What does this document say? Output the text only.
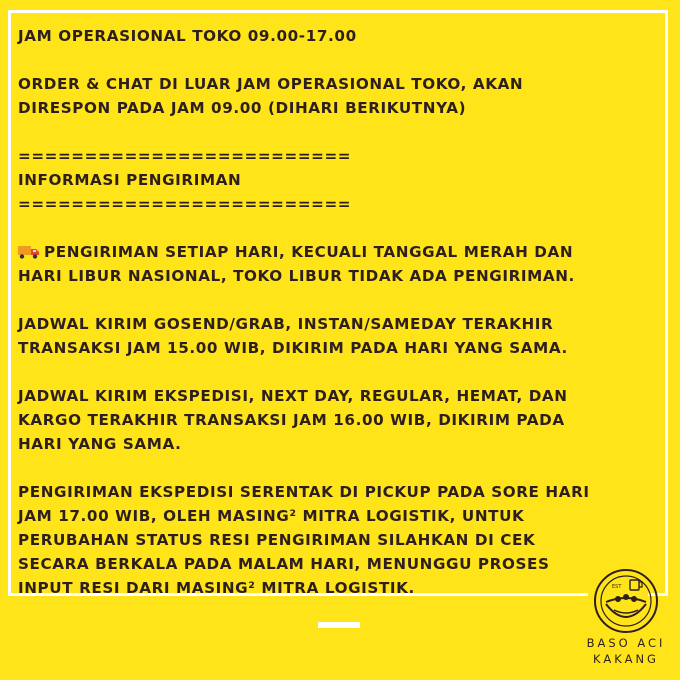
JAM OPERASIONAL TOKO 09.00-17.00

ORDER & CHAT DI LUAR JAM OPERASIONAL TOKO, AKAN

DIRESPON PADA JAM 09.00 (DIHARI BERIKUTNYA)

=========================

INFORMASI PENGIRIMAN

=========================

PENGIRIMAN SETIAP HARI, KECUALI TANGGAL MERAH DAN

HARI LIBUR NASIONAL, TOKO LIBUR TIDAK ADA PENGIRIMAN.

JADWAL KIRIM GOSEND/GRAB, INSTAN/SAMEDAY TERAKHIR

TRANSAKSI JAM 15.00 WIB, DIKIRIM PADA HARI YANG SAMA.

JADWAL KIRIM EKSPEDISI, NEXT DAY, REGULAR, HEMAT, DAN

KARGO TERAKHIR TRANSAKSI JAM 16.00 WIB, DIKIRIM PADA

HARI YANG SAMA.

PENGIRIMAN EKSPEDISI SERENTAK DI PICKUP PADA SORE HARI

JAM 17.00 WIB, OLEH MASING² MITRA LOGISTIK, UNTUK

PERUBAHAN STATUS RESI PENGIRIMAN SILAHKAN DI CEK

SECARA BERKALA PADA MALAM HARI, MENUNGGU PROSES

INPUT RESI DARI MASING² MITRA LOGISTIK.	EST
BASO ACI
KAKANG
